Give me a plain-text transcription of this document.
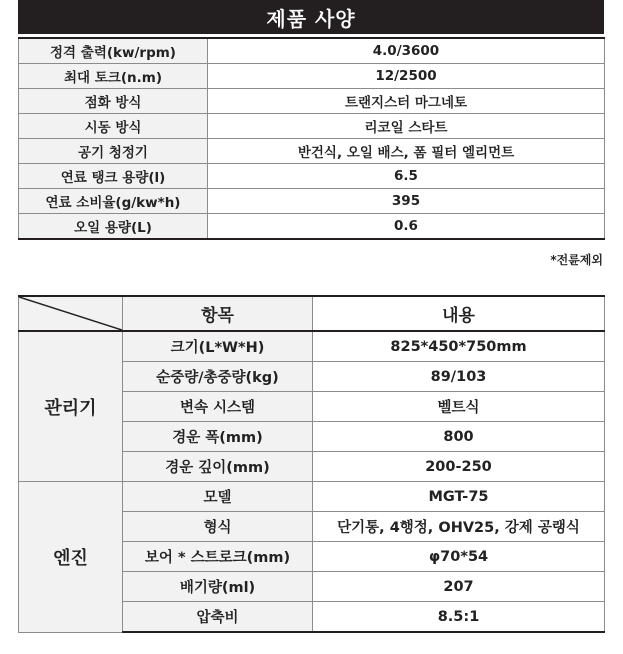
제품 사양
정격 출력(kw/rpm)	4.0/3600
최대 토크(n.m)	12/2500
점화 방식	트랜지스터 마그네토
시동 방식	리코일 스타트
공기 청정기	반건식, 오일 배스, 폼 필터 엘리먼트
연료 탱크 용량(l)	6.5
연료 소비율(g/kw*h)	395
오일 용량(L)	0.6
*전륜제외
	항목	내용
관리기	크기(L*W*H)	825*450*750mm
	순중량/총중량(kg)	89/103
	변속 시스템	벨트식
	경운 폭(mm)	800
	경운 깊이(mm)	200-250
엔진	모델	MGT-75
	형식	단기통, 4행정, OHV25, 강제 공랭식
	보어 * 스트로크(mm)	φ70*54
	배기량(ml)	207
	압축비	8.5:1
